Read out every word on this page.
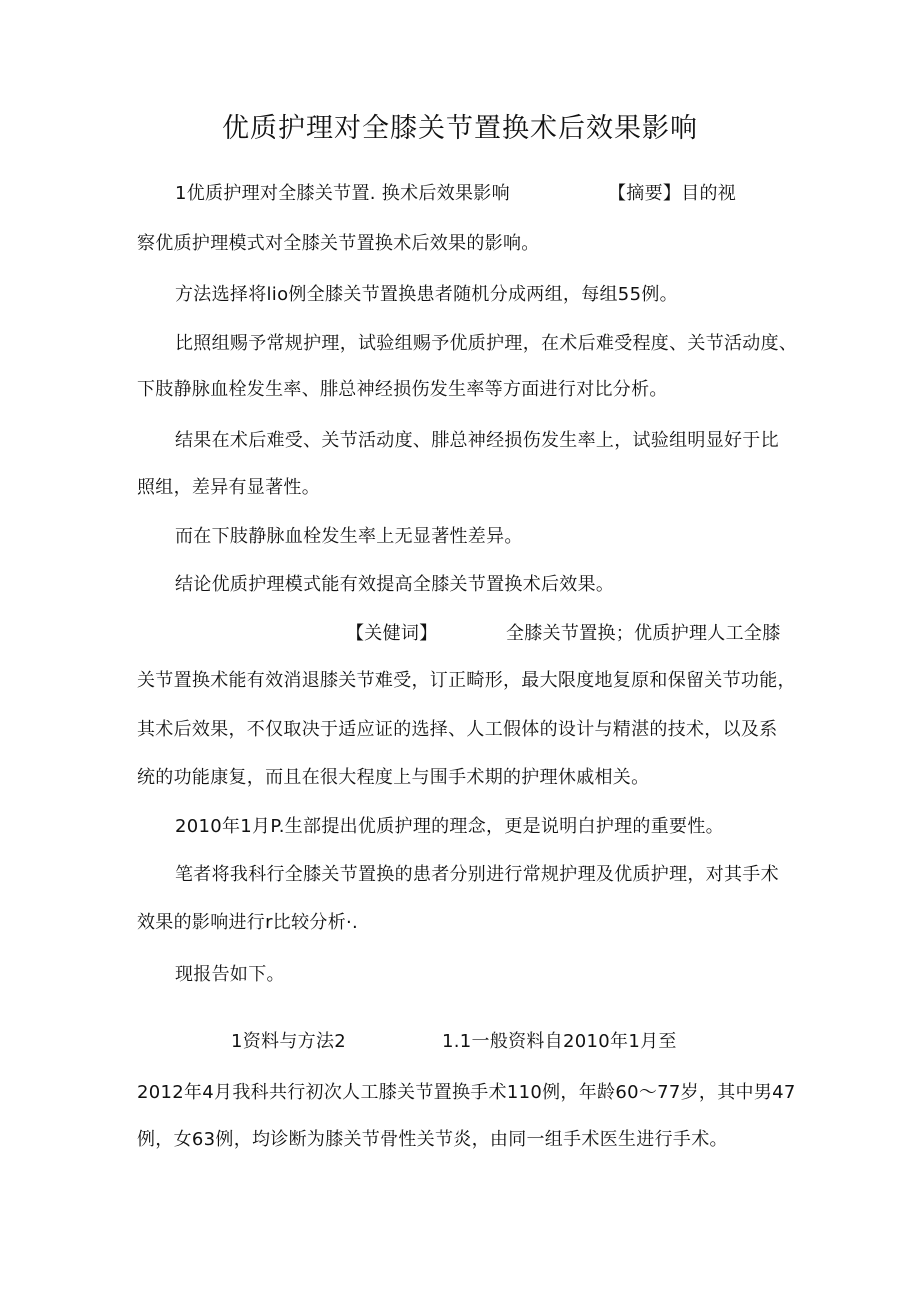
优质护理对全膝关节置换术后效果影响
1优质护理对全膝关节置. 换术后效果影响	【摘要】目的视
察优质护理模式对全膝关节置换术后效果的影响。
方法选择将lio例全膝关节置换患者随机分成两组，每组55例。
比照组赐予常规护理，试验组赐予优质护理，在术后难受程度、关节活动度、
下肢静脉血栓发生率、腓总神经损伤发生率等方面进行对比分析。
结果在术后难受、关节活动度、腓总神经损伤发生率上，试验组明显好于比
照组，差异有显著性。
而在下肢静脉血栓发生率上无显著性差异。
结论优质护理模式能有效提高全膝关节置换术后效果。
【关健词】	全膝关节置换；优质护理人工全膝
关节置换术能有效消退膝关节难受，订正畸形，最大限度地复原和保留关节功能，
其术后效果，不仅取决于适应证的选择、人工假体的设计与精湛的技术，以及系
统的功能康复，而且在很大程度上与围手术期的护理休戚相关。
2010年1月P.生部提出优质护理的理念，更是说明白护理的重要性。
笔者将我科行全膝关节置换的患者分别进行常规护理及优质护理，对其手术
效果的影响进行r比较分析·.
现报告如下。
1资料与方法2	1.1一般资料自2010年1月至
2012年4月我科共行初次人工膝关节置换手术110例，年龄60〜77岁，其中男47
例，女63例，均诊断为膝关节骨性关节炎，由同一组手术医生进行手术。
